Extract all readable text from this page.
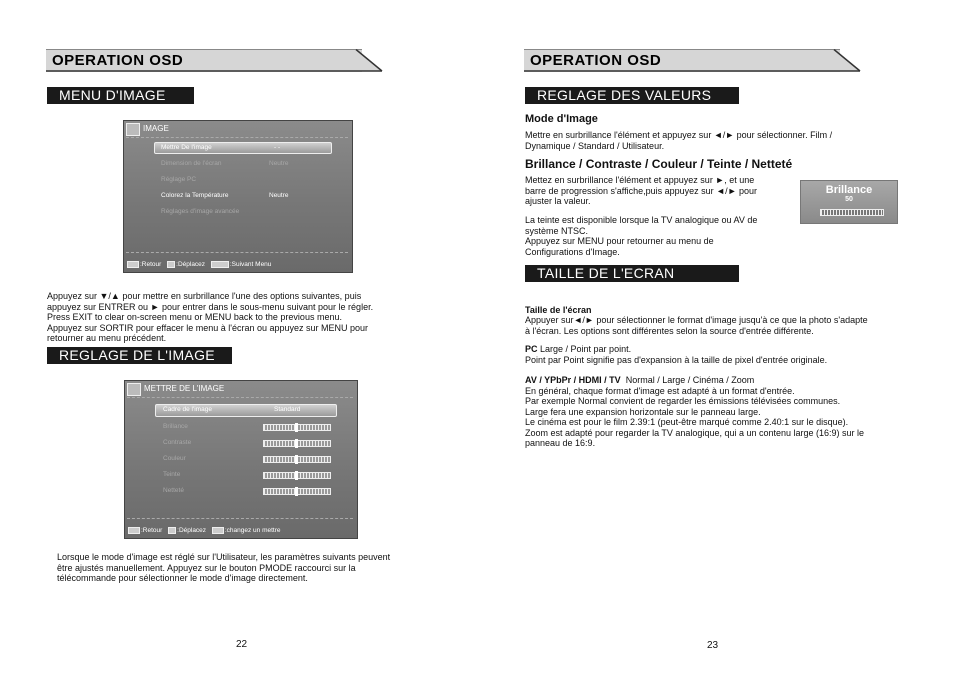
OPERATION OSD
MENU D'IMAGE
IMAGE
Mettre De l'image	- -
Dimension de l'écran	Neutre
Réglage PC
Colorez la Température	Neutre
Réglages d'image avancée
:Retour :Déplacez	:Suivant Menu
Appuyez sur ▼/▲ pour mettre en surbrillance l'une des options suivantes, puis
appuyez sur ENTRER ou ► pour entrer dans le sous-menu suivant pour le régler.
Press EXIT to clear on-screen menu or MENU back to the previous menu.
Appuyez sur SORTIR pour effacer le menu à l'écran ou appuyez sur MENU pour
retourner au menu précédent.
REGLAGE DE L'IMAGE
METTRE DE L'IMAGE
Cadre de l'image	Standard
Brillance
Contraste
Couleur
Teinte
Netteté
:Retour :Déplacez	:changez un mettre
Lorsque le mode d'image est réglé sur l'Utilisateur, les paramètres suivants peuvent
être ajustés manuellement. Appuyez sur le bouton PMODE raccourci sur la
télécommande pour sélectionner le mode d'image directement.
22
OPERATION OSD
REGLAGE DES VALEURS
Mode d'Image
Mettre en surbrillance l'élément et appuyez sur ◄/► pour sélectionner. Film /
Dynamique / Standard / Utilisateur.
Brillance / Contraste / Couleur / Teinte / Netteté
Mettez en surbrillance l'élément et appuyez sur ►, et une
barre de progression s'affiche,puis appuyez sur ◄/► pour
ajuster la valeur.
Brillance
50
La teinte est disponible lorsque la TV analogique ou AV de
système NTSC.
Appuyez sur MENU pour retourner au menu de
Configurations d'Image.
TAILLE DE L'ECRAN
Taille de l'écran
Appuyer sur◄/► pour sélectionner le format d'image jusqu'à ce que la photo s'adapte
à l'écran. Les options sont différentes selon la source d'entrée différente.
PC Large / Point par point.
Point par Point signifie pas d'expansion à la taille de pixel d'entrée originale.
AV / YPbPr / HDMI / TV  Normal / Large / Cinéma / Zoom
En général, chaque format d'image est adapté à un format d'entrée.
Par exemple Normal convient de regarder les émissions télévisées communes.
Large fera une expansion horizontale sur le panneau large.
Le cinéma est pour le film 2.39:1 (peut-être marqué comme 2.40:1 sur le disque).
Zoom est adapté pour regarder la TV analogique, qui a un contenu large (16:9) sur le
panneau de 16:9.
23
